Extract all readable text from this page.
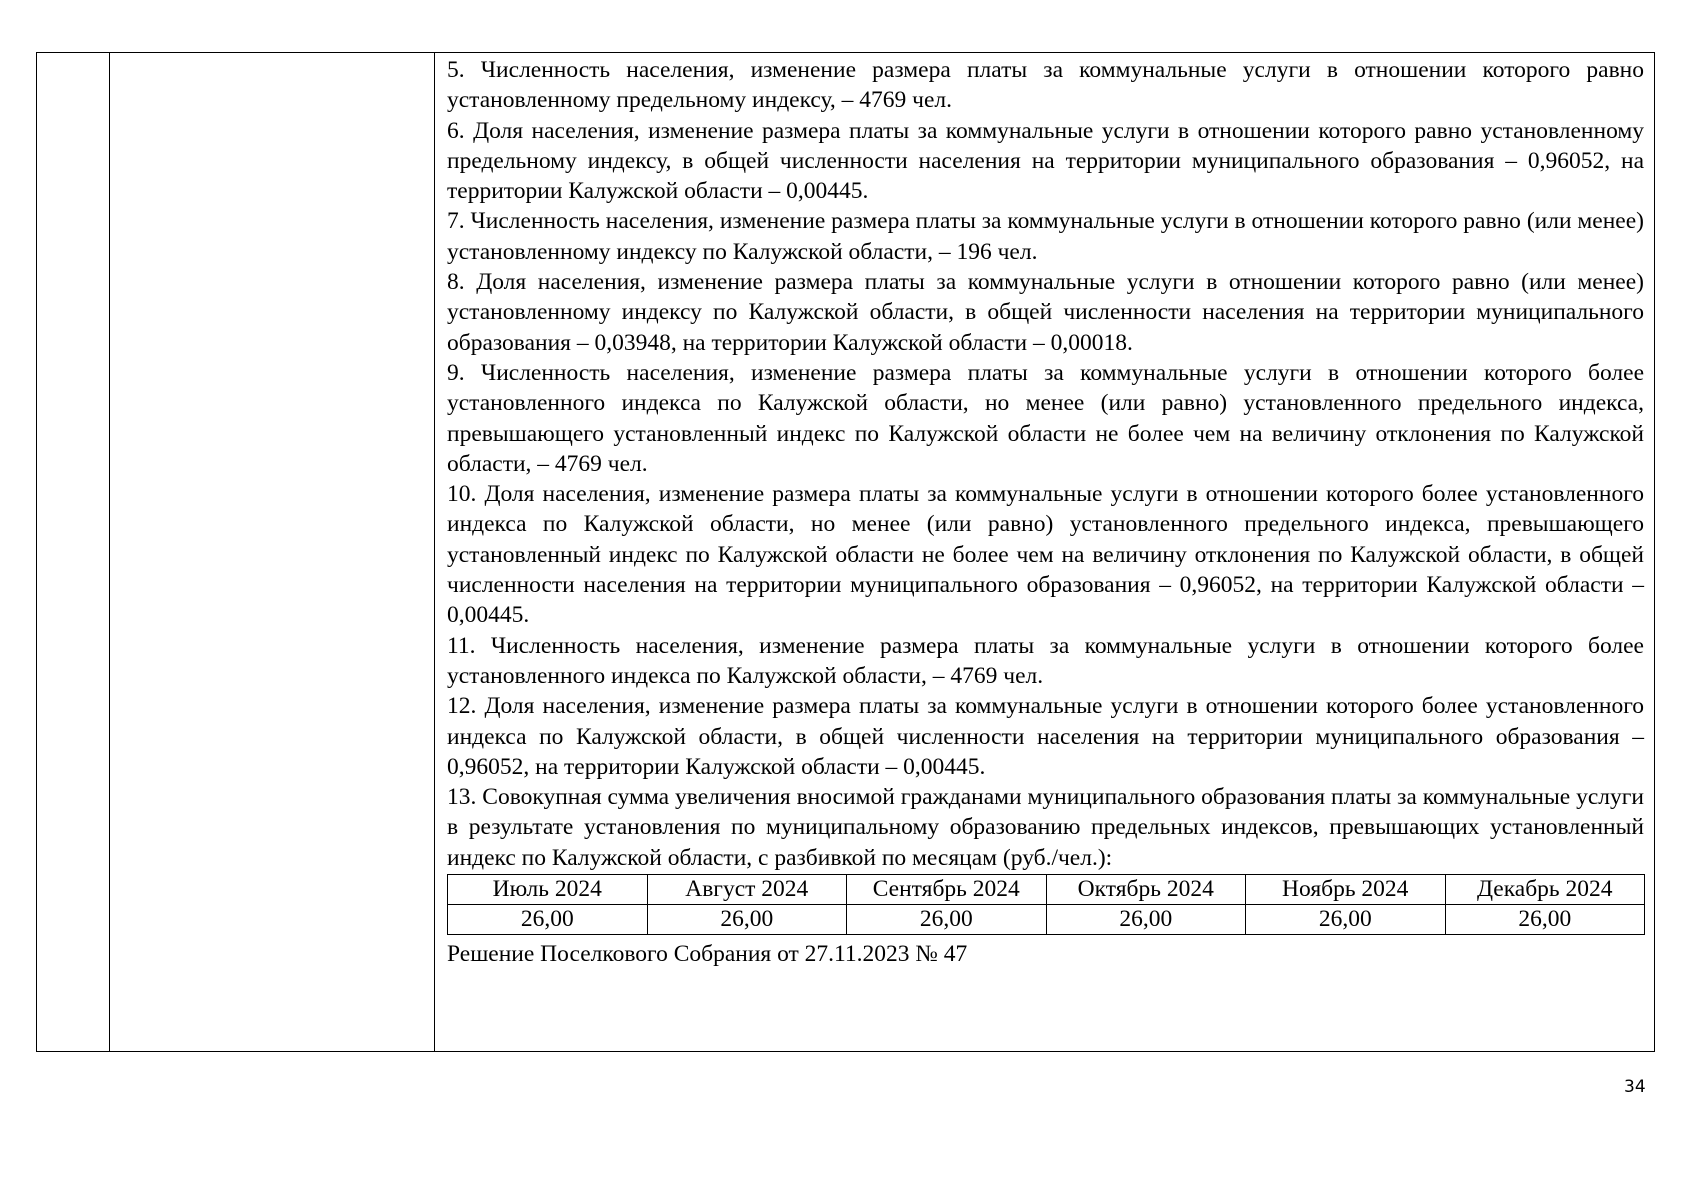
5. Численность населения, изменение размера платы за коммунальные услуги в отношении которого равно установленному предельному индексу, – 4769 чел.

6. Доля населения, изменение размера платы за коммунальные услуги в отношении которого равно установленному предельному индексу, в общей численности населения на территории муниципального образования – 0,96052, на территории Калужской области – 0,00445.

7. Численность населения, изменение размера платы за коммунальные услуги в отношении которого равно (или менее) установленному индексу по Калужской области, – 196 чел.

8. Доля населения, изменение размера платы за коммунальные услуги в отношении которого равно (или менее) установленному индексу по Калужской области, в общей численности населения на территории муниципального образования – 0,03948, на территории Калужской области – 0,00018.

9. Численность населения, изменение размера платы за коммунальные услуги в отношении которого более установленного индекса по Калужской области, но менее (или равно) установленного предельного индекса, превышающего установленный индекс по Калужской области не более чем на величину отклонения по Калужской области, – 4769 чел.

10. Доля населения, изменение размера платы за коммунальные услуги в отношении которого более установленного индекса по Калужской области, но менее (или равно) установленного предельного индекса, превышающего установленный индекс по Калужской области не более чем на величину отклонения по Калужской области, в общей численности населения на территории муниципального образования – 0,96052, на территории Калужской области – 0,00445.

11. Численность населения, изменение размера платы за коммунальные услуги в отношении которого более установленного индекса по Калужской области, – 4769 чел.

12. Доля населения, изменение размера платы за коммунальные услуги в отношении которого более установленного индекса по Калужской области, в общей численности населения на территории муниципального образования – 0,96052, на территории Калужской области – 0,00445.

13. Совокупная сумма увеличения вносимой гражданами муниципального образования платы за коммунальные услуги в результате установления по муниципальному образованию предельных индексов, превышающих установленный индекс по Калужской области, с разбивкой по месяцам (руб./чел.):

Июль 2024	Август 2024	Сентябрь 2024	Октябрь 2024	Ноябрь 2024	Декабрь 2024
26,00	26,00	26,00	26,00	26,00	26,00

Решение Поселкового Собрания от 27.11.2023 № 47

34
